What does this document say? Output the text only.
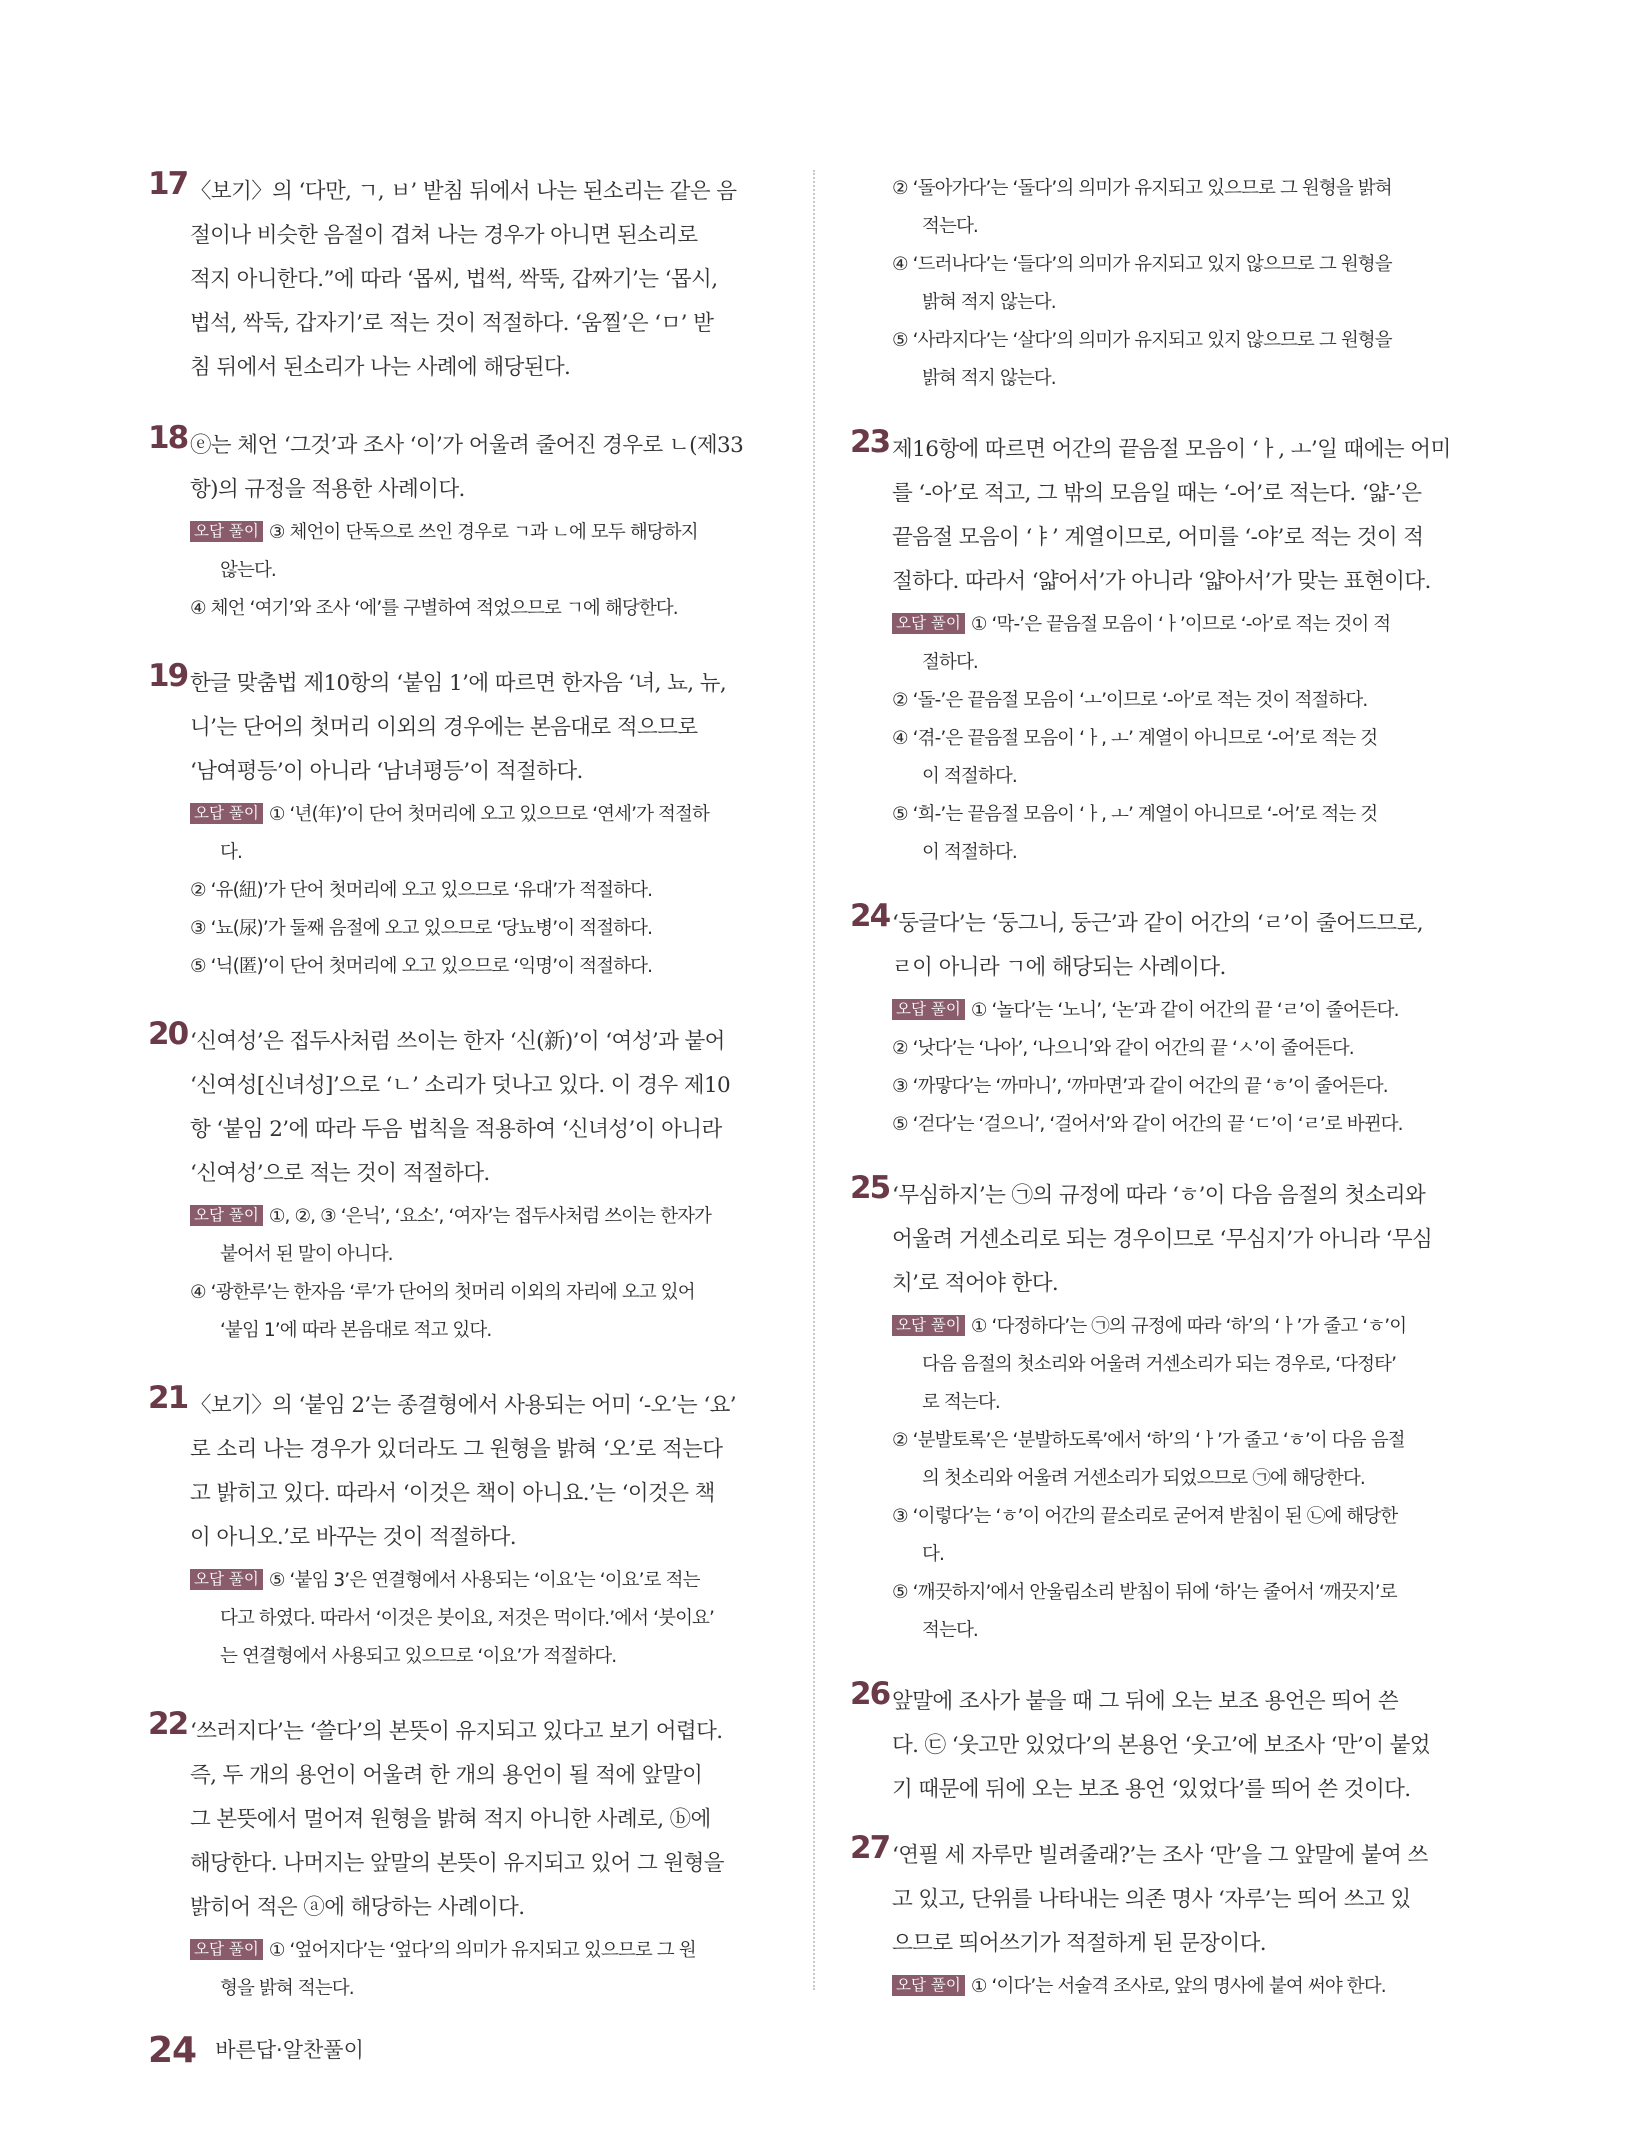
17 〈보기〉의 ‘다만, ㄱ, ㅂ’ 받침 뒤에서 나는 된소리는 같은 음
절이나 비슷한 음절이 겹쳐 나는 경우가 아니면 된소리로
적지 아니한다.”에 따라 ‘몹씨, 법썩, 싹뚝, 갑짜기’는 ‘몹시,
법석, 싹둑, 갑자기’로 적는 것이 적절하다. ‘움찔’은 ‘ㅁ’ 받
침 뒤에서 된소리가 나는 사례에 해당된다.
18 ⓔ는 체언 ‘그것’과 조사 ‘이’가 어울려 줄어진 경우로 ㄴ(제33
항)의 규정을 적용한 사례이다.
오답 풀이 ③ 체언이 단독으로 쓰인 경우로 ㄱ과 ㄴ에 모두 해당하지
않는다.
④ 체언 ‘여기’와 조사 ‘에’를 구별하여 적었으므로 ㄱ에 해당한다.
19 한글 맞춤법 제10항의 ‘붙임 1’에 따르면 한자음 ‘녀, 뇨, 뉴,
니’는 단어의 첫머리 이외의 경우에는 본음대로 적으므로
‘남여평등’이 아니라 ‘남녀평등’이 적절하다.
오답 풀이 ① ‘년(年)’이 단어 첫머리에 오고 있으므로 ‘연세’가 적절하
다.
② ‘유(紐)’가 단어 첫머리에 오고 있으므로 ‘유대’가 적절하다.
③ ‘뇨(尿)’가 둘째 음절에 오고 있으므로 ‘당뇨병’이 적절하다.
⑤ ‘닉(匿)’이 단어 첫머리에 오고 있으므로 ‘익명’이 적절하다.
20 ‘신여성’은 접두사처럼 쓰이는 한자 ‘신(新)’이 ‘여성’과 붙어
‘신여성[신녀성]’으로 ‘ㄴ’ 소리가 덧나고 있다. 이 경우 제10
항 ‘붙임 2’에 따라 두음 법칙을 적용하여 ‘신녀성’이 아니라
‘신여성’으로 적는 것이 적절하다.
오답 풀이 ①, ②, ③ ‘은닉’, ‘요소’, ‘여자’는 접두사처럼 쓰이는 한자가
붙어서 된 말이 아니다.
④ ‘광한루’는 한자음 ‘루’가 단어의 첫머리 이외의 자리에 오고 있어
‘붙임 1’에 따라 본음대로 적고 있다.
21 〈보기〉의 ‘붙임 2’는 종결형에서 사용되는 어미 ‘-오’는 ‘요’
로 소리 나는 경우가 있더라도 그 원형을 밝혀 ‘오’로 적는다
고 밝히고 있다. 따라서 ‘이것은 책이 아니요.’는 ‘이것은 책
이 아니오.’로 바꾸는 것이 적절하다.
오답 풀이 ⑤ ‘붙임 3’은 연결형에서 사용되는 ‘이요’는 ‘이요’로 적는
다고 하였다. 따라서 ‘이것은 붓이요, 저것은 먹이다.’에서 ‘붓이요’
는 연결형에서 사용되고 있으므로 ‘이요’가 적절하다.
22 ‘쓰러지다’는 ‘쓸다’의 본뜻이 유지되고 있다고 보기 어렵다.
즉, 두 개의 용언이 어울려 한 개의 용언이 될 적에 앞말이
그 본뜻에서 멀어져 원형을 밝혀 적지 아니한 사례로, ⓑ에
해당한다. 나머지는 앞말의 본뜻이 유지되고 있어 그 원형을
밝히어 적은 ⓐ에 해당하는 사례이다.
오답 풀이 ① ‘엎어지다’는 ‘엎다’의 의미가 유지되고 있으므로 그 원
형을 밝혀 적는다.
② ‘돌아가다’는 ‘돌다’의 의미가 유지되고 있으므로 그 원형을 밝혀
적는다.
④ ‘드러나다’는 ‘들다’의 의미가 유지되고 있지 않으므로 그 원형을
밝혀 적지 않는다.
⑤ ‘사라지다’는 ‘살다’의 의미가 유지되고 있지 않으므로 그 원형을
밝혀 적지 않는다.
23 제16항에 따르면 어간의 끝음절 모음이 ‘ㅏ, ㅗ’일 때에는 어미
를 ‘-아’로 적고, 그 밖의 모음일 때는 ‘-어’로 적는다. ‘얇-’은
끝음절 모음이 ‘ㅑ’ 계열이므로, 어미를 ‘-야’로 적는 것이 적
절하다. 따라서 ‘얇어서’가 아니라 ‘얇아서’가 맞는 표현이다.
오답 풀이 ① ‘막-’은 끝음절 모음이 ‘ㅏ’이므로 ‘-아’로 적는 것이 적
절하다.
② ‘돌-’은 끝음절 모음이 ‘ㅗ’이므로 ‘-아’로 적는 것이 적절하다.
④ ‘겪-’은 끝음절 모음이 ‘ㅏ, ㅗ’ 계열이 아니므로 ‘-어’로 적는 것
이 적절하다.
⑤ ‘희-’는 끝음절 모음이 ‘ㅏ, ㅗ’ 계열이 아니므로 ‘-어’로 적는 것
이 적절하다.
24 ‘둥글다’는 ‘둥그니, 둥근’과 같이 어간의 ‘ㄹ’이 줄어드므로,
ㄹ이 아니라 ㄱ에 해당되는 사례이다.
오답 풀이 ① ‘놀다’는 ‘노니’, ‘논’과 같이 어간의 끝 ‘ㄹ’이 줄어든다.
② ‘낫다’는 ‘나아’, ‘나으니’와 같이 어간의 끝 ‘ㅅ’이 줄어든다.
③ ‘까맣다’는 ‘까마니’, ‘까마면’과 같이 어간의 끝 ‘ㅎ’이 줄어든다.
⑤ ‘걷다’는 ‘걸으니’, ‘걸어서’와 같이 어간의 끝 ‘ㄷ’이 ‘ㄹ’로 바뀐다.
25 ‘무심하지’는 ㉠의 규정에 따라 ‘ㅎ’이 다음 음절의 첫소리와
어울려 거센소리로 되는 경우이므로 ‘무심지’가 아니라 ‘무심
치’로 적어야 한다.
오답 풀이 ① ‘다정하다’는 ㉠의 규정에 따라 ‘하’의 ‘ㅏ’가 줄고 ‘ㅎ’이
다음 음절의 첫소리와 어울려 거센소리가 되는 경우로, ‘다정타’
로 적는다.
② ‘분발토록’은 ‘분발하도록’에서 ‘하’의 ‘ㅏ’가 줄고 ‘ㅎ’이 다음 음절
의 첫소리와 어울려 거센소리가 되었으므로 ㉠에 해당한다.
③ ‘이렇다’는 ‘ㅎ’이 어간의 끝소리로 굳어져 받침이 된 ㉡에 해당한
다.
⑤ ‘깨끗하지’에서 안울림소리 받침이 뒤에 ‘하’는 줄어서 ‘깨끗지’로
적는다.
26 앞말에 조사가 붙을 때 그 뒤에 오는 보조 용언은 띄어 쓴
다. ㉢ ‘웃고만 있었다’의 본용언 ‘웃고’에 보조사 ‘만’이 붙었
기 때문에 뒤에 오는 보조 용언 ‘있었다’를 띄어 쓴 것이다.
27 ‘연필 세 자루만 빌려줄래?’는 조사 ‘만’을 그 앞말에 붙여 쓰
고 있고, 단위를 나타내는 의존 명사 ‘자루’는 띄어 쓰고 있
으므로 띄어쓰기가 적절하게 된 문장이다.
오답 풀이 ① ‘이다’는 서술격 조사로, 앞의 명사에 붙여 써야 한다.
24 바른답·알찬풀이
